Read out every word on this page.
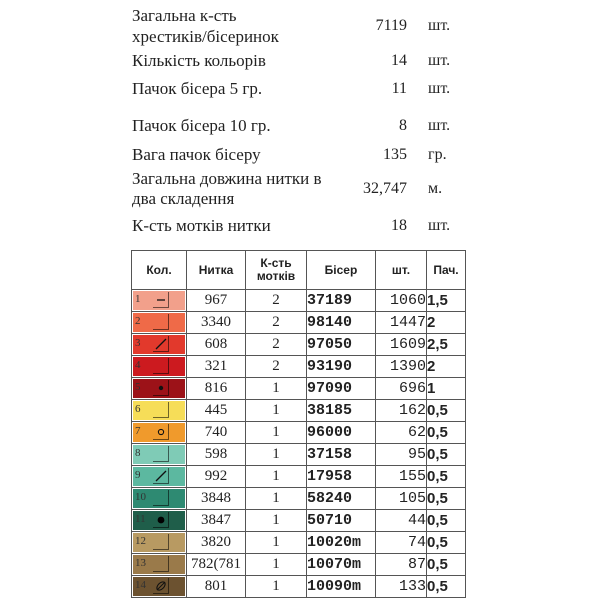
Загальна к-сть
хрестиків/бісеринок
7119 шт.
Кількість кольорів	14 шт.
Пачок бісера 5 гр.	11 шт.
Пачок бісера 10 гр.	8 шт.
Вага пачок бісеру	135 гр.
Загальна довжина нитки в
два складення
32,747 м.
К-сть мотків нитки	18 шт.
Кол.	Нитка	К-сть мотків	Бісер	шт.	Пач.

1	967	2	37189	1060	1,5

2	3340	2	98140	1447	2

3	608	2	97050	1609	2,5

4	321	2	93190	1390	2

5	816	1	97090	696	1

6	445	1	38185	162	0,5

7	740	1	96000	62	0,5

8	598	1	37158	95	0,5

9	992	1	17958	155	0,5

10	3848	1	58240	105	0,5

11	3847	1	50710	44	0,5

12	3820	1	10020m	74	0,5

13	782(781	1	10070m	87	0,5

14	801	1	10090m	133	0,5
